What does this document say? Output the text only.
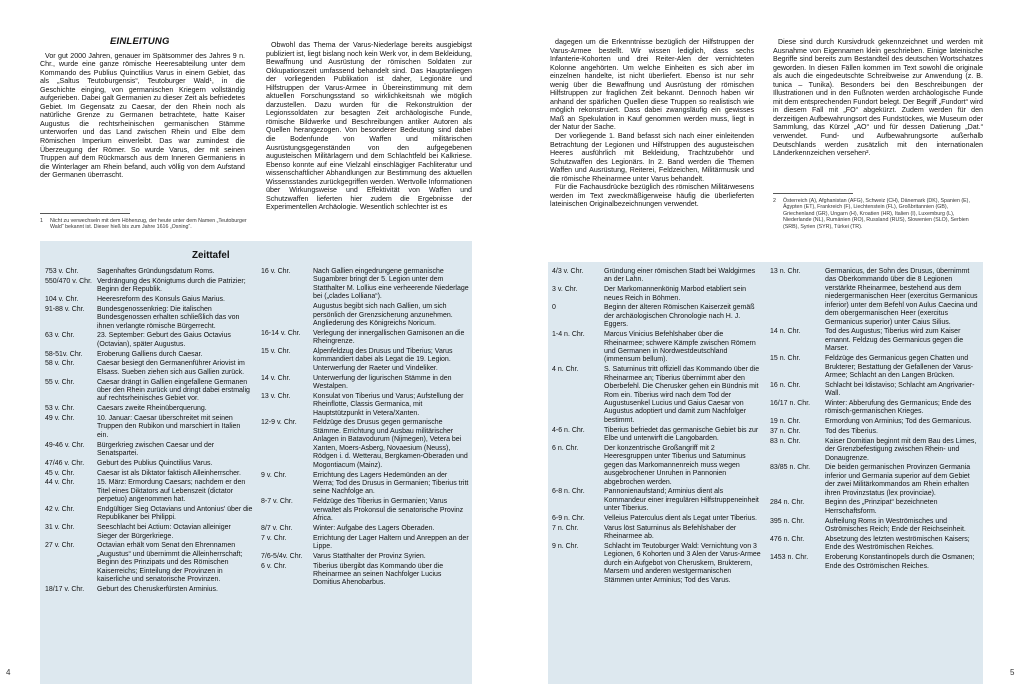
EINLEITUNG

Vor gut 2000 Jahren, genauer im Spätsommer des Jahres 9 n. Chr., wurde eine ganze römische Heeresabteilung unter dem Kommando des Publius Quinctilius Varus in einem Gebiet, das als „Saltus Teutoburgensis“, Teutoburger Wald¹, in die Geschichte einging, von germanischen Kriegern vollständig aufgerieben. Dabei galt Germanien zu dieser Zeit als befriedetes Gebiet. Im Gegensatz zu Caesar, der den Rhein noch als natürliche Grenze zu Germanen betrachtete, hatte Kaiser Augustus die rechtsrheinischen germanischen Stämme unterworfen und das Land zwischen Rhein und Elbe dem Römischen Imperium einverleibt. Das war zumindest die Überzeugung der Römer. So wurde Varus, der mit seinen Truppen auf dem Rückmarsch aus dem Inneren Germaniens in die Winterlager am Rhein befand, auch völlig von dem Aufstand der Germanen überrascht.

Obwohl das Thema der Varus-Niederlage bereits ausgiebigst publiziert ist, liegt bislang noch kein Werk vor, in dem Bekleidung, Bewaffnung und Ausrüstung der römischen Soldaten zur Okkupationszeit umfassend behandelt sind. Das Hauptanliegen der vorliegenden Publikation ist daher, Legionäre und Hilfstruppen der Varus-Armee in Übereinstimmung mit dem aktuellen Forschungsstand so wirklichkeitsnah wie möglich darzustellen. Dazu wurden für die Rekonstruktion der Legionssoldaten zur besagten Zeit archäologische Funde, römische Bildwerke und Beschreibungen antiker Autoren als Quellen herangezogen. Von besonderer Bedeutung sind dabei die Bodenfunde von Waffen und militärischen Ausrüstungsgegenständen von den aufgegebenen augusteischen Militärlagern und dem Schlachtfeld bei Kalkriese. Ebenso konnte auf eine Vielzahl einschlägiger Fachliteratur und wissenschaftlicher Abhandlungen zur Bestimmung des aktuellen Wissensstandes zurückgegriffen werden. Wertvolle Informationen über Wirkungsweise und Effektivität von Waffen und Schutzwaffen lieferten hier zudem die Ergebnisse der Experimentellen Archäologie. Wesentlich schlechter ist es

1 Nicht zu verwechseln mit dem Höhenzug, der heute unter dem Namen „Teutoburger Wald“ bekannt ist. Dieser hieß bis zum Jahre 1616 „Osning“.
Zeittafel
753 v. Chr.	Sagenhaftes Gründungsdatum Roms.
550/470 v. Chr. Verdrängung des Königtums durch die Patrizier; Beginn der Republik.
104 v. Chr.	Heeresreform des Konsuls Gaius Marius.
91-88 v. Chr.	Bundesgenossenkrieg: Die italischen Bundesgenossen erhalten schließlich das von ihnen verlangte römische Bürgerrecht.
63 v. Chr.	23. September: Geburt des Gaius Octavius (Octavian), später Augustus.
58-51v. Chr.	Eroberung Galliens durch Caesar.
58 v. Chr.	Caesar besiegt den Germanenführer Ariovist im Elsass. Sueben ziehen sich aus Gallien zurück.
55 v. Chr.	Caesar drängt in Gallien eingefallene Germanen über den Rhein zurück und dringt dabei erstmalig auf rechtsrheinisches Gebiet vor.
53 v. Chr.	Caesars zweite Rheinüberquerung.
49 v. Chr.	10. Januar: Caesar überschreitet mit seinen Truppen den Rubikon und marschiert in Italien ein.
49-46 v. Chr.	Bürgerkrieg zwischen Caesar und der Senatspartei.
47/46 v. Chr.	Geburt des Publius Quinctilius Varus.
45 v. Chr.	Caesar ist als Diktator faktisch Alleinherrscher.
44 v. Chr.	15. März: Ermordung Caesars; nachdem er den Titel eines Diktators auf Lebenszeit (dictator perpetuo) angenommen hat.
42 v. Chr.	Endgültiger Sieg Octavians und Antonius' über die Republikaner bei Philippi.
31 v. Chr.	Seeschlacht bei Actium: Octavian alleiniger Sieger der Bürgerkriege.
27 v. Chr.	Octavian erhält vom Senat den Ehrennamen „Augustus“ und übernimmt die Alleinherrschaft; Beginn des Prinzipats und des Römischen Kaiserreichs; Einteilung der Provinzen in kaiserliche und senatorische Provinzen.
18/17 v. Chr.	Geburt des Cheruskerfürsten Arminius.
16 v. Chr.	Nach Gallien eingedrungene germanische Sugambrer bringt der 5. Legion unter dem Statthalter M. Lollius eine verheerende Niederlage bei („clades Lolliana“).
Augustus begibt sich nach Gallien, um sich persönlich der Grenzsicherung anzunehmen. Angliederung des Königreichs Noricum.
16-14 v. Chr.	Verlegung der innergallischen Garnisonen an die Rheingrenze.
15 v. Chr.	Alpenfeldzug des Drusus und Tiberius; Varus kommandiert dabei als Legat die 19. Legion. Unterwerfung der Raeter und Vindeliker.
14 v. Chr.	Unterwerfung der ligurischen Stämme in den Westalpen.
13 v. Chr.	Konsulat von Tiberius und Varus; Aufstellung der Rheinflotte, Classis Germanica, mit Hauptstützpunkt in Vetera/Xanten.
12-9 v. Chr.	Feldzüge des Drusus gegen germanische Stämme. Errichtung und Ausbau militärischer Anlagen in Batavodurum (Nijmegen), Vetera bei Xanten, Moers-Asberg, Novaesium (Neuss), Rödgen i. d. Wetterau, Bergkamen-Oberaden und Mogontiacum (Mainz).
9 v. Chr.	Errichtung des Lagers Hedemünden an der Werra; Tod des Drusus in Germanien; Tiberius tritt seine Nachfolge an.
8-7 v. Chr.	Feldzüge des Tiberius in Germanien; Varus verwaltet als Prokonsul die senatorische Provinz Africa.
8/7 v. Chr.	Winter: Aufgabe des Lagers Oberaden.
7 v. Chr.	Errichtung der Lager Haltern und Anreppen an der Lippe.
7/6-5/4v. Chr.	Varus Statthalter der Provinz Syrien.
6 v. Chr.	Tiberius übergibt das Kommando über die Rheinarmee an seinen Nachfolger Lucius Domitius Ahenobarbus.
4

dagegen um die Erkenntnisse bezüglich der Hilfstruppen der Varus-Armee bestellt. Wir wissen lediglich, dass sechs Infanterie-Kohorten und drei Reiter-Alen der vernichteten Kolonne angehörten. Um welche Einheiten es sich aber im einzelnen handelte, ist nicht überliefert. Ebenso ist nur sehr wenig über die Bewaffnung und Ausrüstung der römischen Hilfstruppen zur fraglichen Zeit bekannt. Dennoch haben wir anhand der spärlichen Quellen diese Truppen so realistisch wie möglich rekonstruiert. Dass dabei zwangsläufig ein gewisses Maß an Spekulation in Kauf genommen werden muss, liegt in der Natur der Sache.

Der vorliegende 1. Band befasst sich nach einer einleitenden Betrachtung der Legionen und Hilfstruppen des augusteischen Heeres ausführlich mit Bekleidung, Trachtzubehör und Schutzwaffen des Legionärs. In 2. Band werden die Themen Waffen und Ausrüstung, Reiterei, Feldzeichen, Militärmusik und die römische Rheinarmee unter Varus behandelt.

Für die Fachausdrücke bezüglich des römischen Militärwesens werden im Text zweckmäßigerweise häufig die überlieferten lateinischen Originalbezeichnungen verwendet.

Diese sind durch Kursivdruck gekennzeichnet und werden mit Ausnahme von Eigennamen klein geschrieben. Einige lateinische Begriffe sind bereits zum Bestandteil des deutschen Wortschatzes geworden. In diesen Fällen kommen im Text sowohl die originale als auch die eingedeutschte Schreibweise zur Anwendung (z. B. tunica – Tunika). Besonders bei den Beschreibungen der Illustrationen und in den Fußnoten werden archäologische Funde mit dem entsprechenden Fundort belegt. Der Begriff „Fundort“ wird in diesem Fall mit „FO“ abgekürzt. Zudem werden für den derzeitigen Aufbewahrungsort des Fundstückes, wie Museum oder Sammlung, das Kürzel „AO“ und für dessen Datierung „Dat.“ verwendet. Fund- und Aufbewahrungsorte außerhalb Deutschlands werden zusätzlich mit den internationalen Länderkennzeichen versehen².

2 Österreich (A), Afghanistan (AFG), Schweiz (CH), Dänemark (DK), Spanien (E), Ägypten (ET), Frankreich (F), Liechtenstein (FL), Großbritannien (GB), Griechenland (GR), Ungarn (H), Kroatien (HR), Italien (I), Luxemburg (L), Niederlande (NL), Rumänien (RO), Russland (RUS), Slowenien (SLO), Serbien (SRB), Syrien (SYR), Türkei (TR).
4/3 v. Chr.	Gründung einer römischen Stadt bei Waldgirmes an der Lahn.
3 v. Chr.	Der Markomannenkönig Marbod etabliert sein neues Reich in Böhmen.
0	Beginn der älteren Römischen Kaiserzeit gemäß der archäologischen Chronologie nach H. J. Eggers.
1-4 n. Chr.	Marcus Vinicius Befehlshaber über die Rheinarmee; schwere Kämpfe zwischen Römern und Germanen in Nordwestdeutschland (immensum bellum).
4 n. Chr.	S. Saturninus tritt offiziell das Kommando über die Rheinarmee an; Tiberius übernimmt aber den Oberbefehl. Die Cherusker gehen ein Bündnis mit Rom ein. Tiberius wird nach dem Tod der Augustusenkel Lucius und Gaius Caesar von Augustus adoptiert und damit zum Nachfolger bestimmt.
4-6 n. Chr.	Tiberius befriedet das germanische Gebiet bis zur Elbe und unterwirft die Langobarden.
6 n. Chr.	Der konzentrische Großangriff mit 2 Heeresgruppen unter Tiberius und Saturninus gegen das Markomannenreich muss wegen ausgebrochener Unruhen in Pannonien abgebrochen werden.
6-8 n. Chr.	Pannonienaufstand; Arminius dient als Kommandeur einer irregulären Hilfstruppeneinheit unter Tiberius.
6-9 n. Chr.	Velleius Paterculus dient als Legat unter Tiberius.
7 n. Chr.	Varus löst Saturninus als Befehlshaber der Rheinarmee ab.
9 n. Chr.	Schlacht im Teutoburger Wald: Vernichtung von 3 Legionen, 6 Kohorten und 3 Alen der Varus-Armee durch ein Aufgebot von Cheruskern, Brukterern, Marsern und anderen westgermanischen Stämmen unter Arminius; Tod des Varus.
13 n. Chr.	Germanicus, der Sohn des Drusus, übernimmt das Oberkommando über die 8 Legionen verstärkte Rheinarmee, bestehend aus dem niedergermanischen Heer (exercitus Germanicus inferior) unter dem Befehl von Aulus Caecina und dem obergermanischen Heer (exercitus Germanicus superior) unter Caius Silius.
14 n. Chr.	Tod des Augustus; Tiberius wird zum Kaiser ernannt. Feldzug des Germanicus gegen die Marser.
15 n. Chr.	Feldzüge des Germanicus gegen Chatten und Brukterer; Bestattung der Gefallenen der Varus-Armee; Schlacht an den Langen Brücken.
16 n. Chr.	Schlacht bei Idistaviso; Schlacht am Angrivarier-Wall.
16/17 n. Chr.	Winter: Abberufung des Germanicus; Ende des römisch-germanischen Krieges.
19 n. Chr.	Ermordung von Arminius; Tod des Germanicus.
37 n. Chr.	Tod des Tiberius.
83 n. Chr.	Kaiser Domitian beginnt mit dem Bau des Limes, der Grenzbefestigung zwischen Rhein- und Donaugrenze.
83/85 n. Chr.	Die beiden germanischen Provinzen Germania inferior und Germania superior auf dem Gebiet der zwei Militärkommandos am Rhein erhalten ihren Provinzstatus (lex provinciae).
284 n. Chr.	Beginn des „Prinzipat“ bezeichneten Herrschaftsform.
395 n. Chr.	Aufteilung Roms in Weströmisches und Oströmisches Reich; Ende der Reichseinheit.
476 n. Chr.	Absetzung des letzten weströmischen Kaisers; Ende des Weströmischen Reiches.
1453 n. Chr.	Eroberung Konstantinopels durch die Osmanen; Ende des Oströmischen Reiches.
5
